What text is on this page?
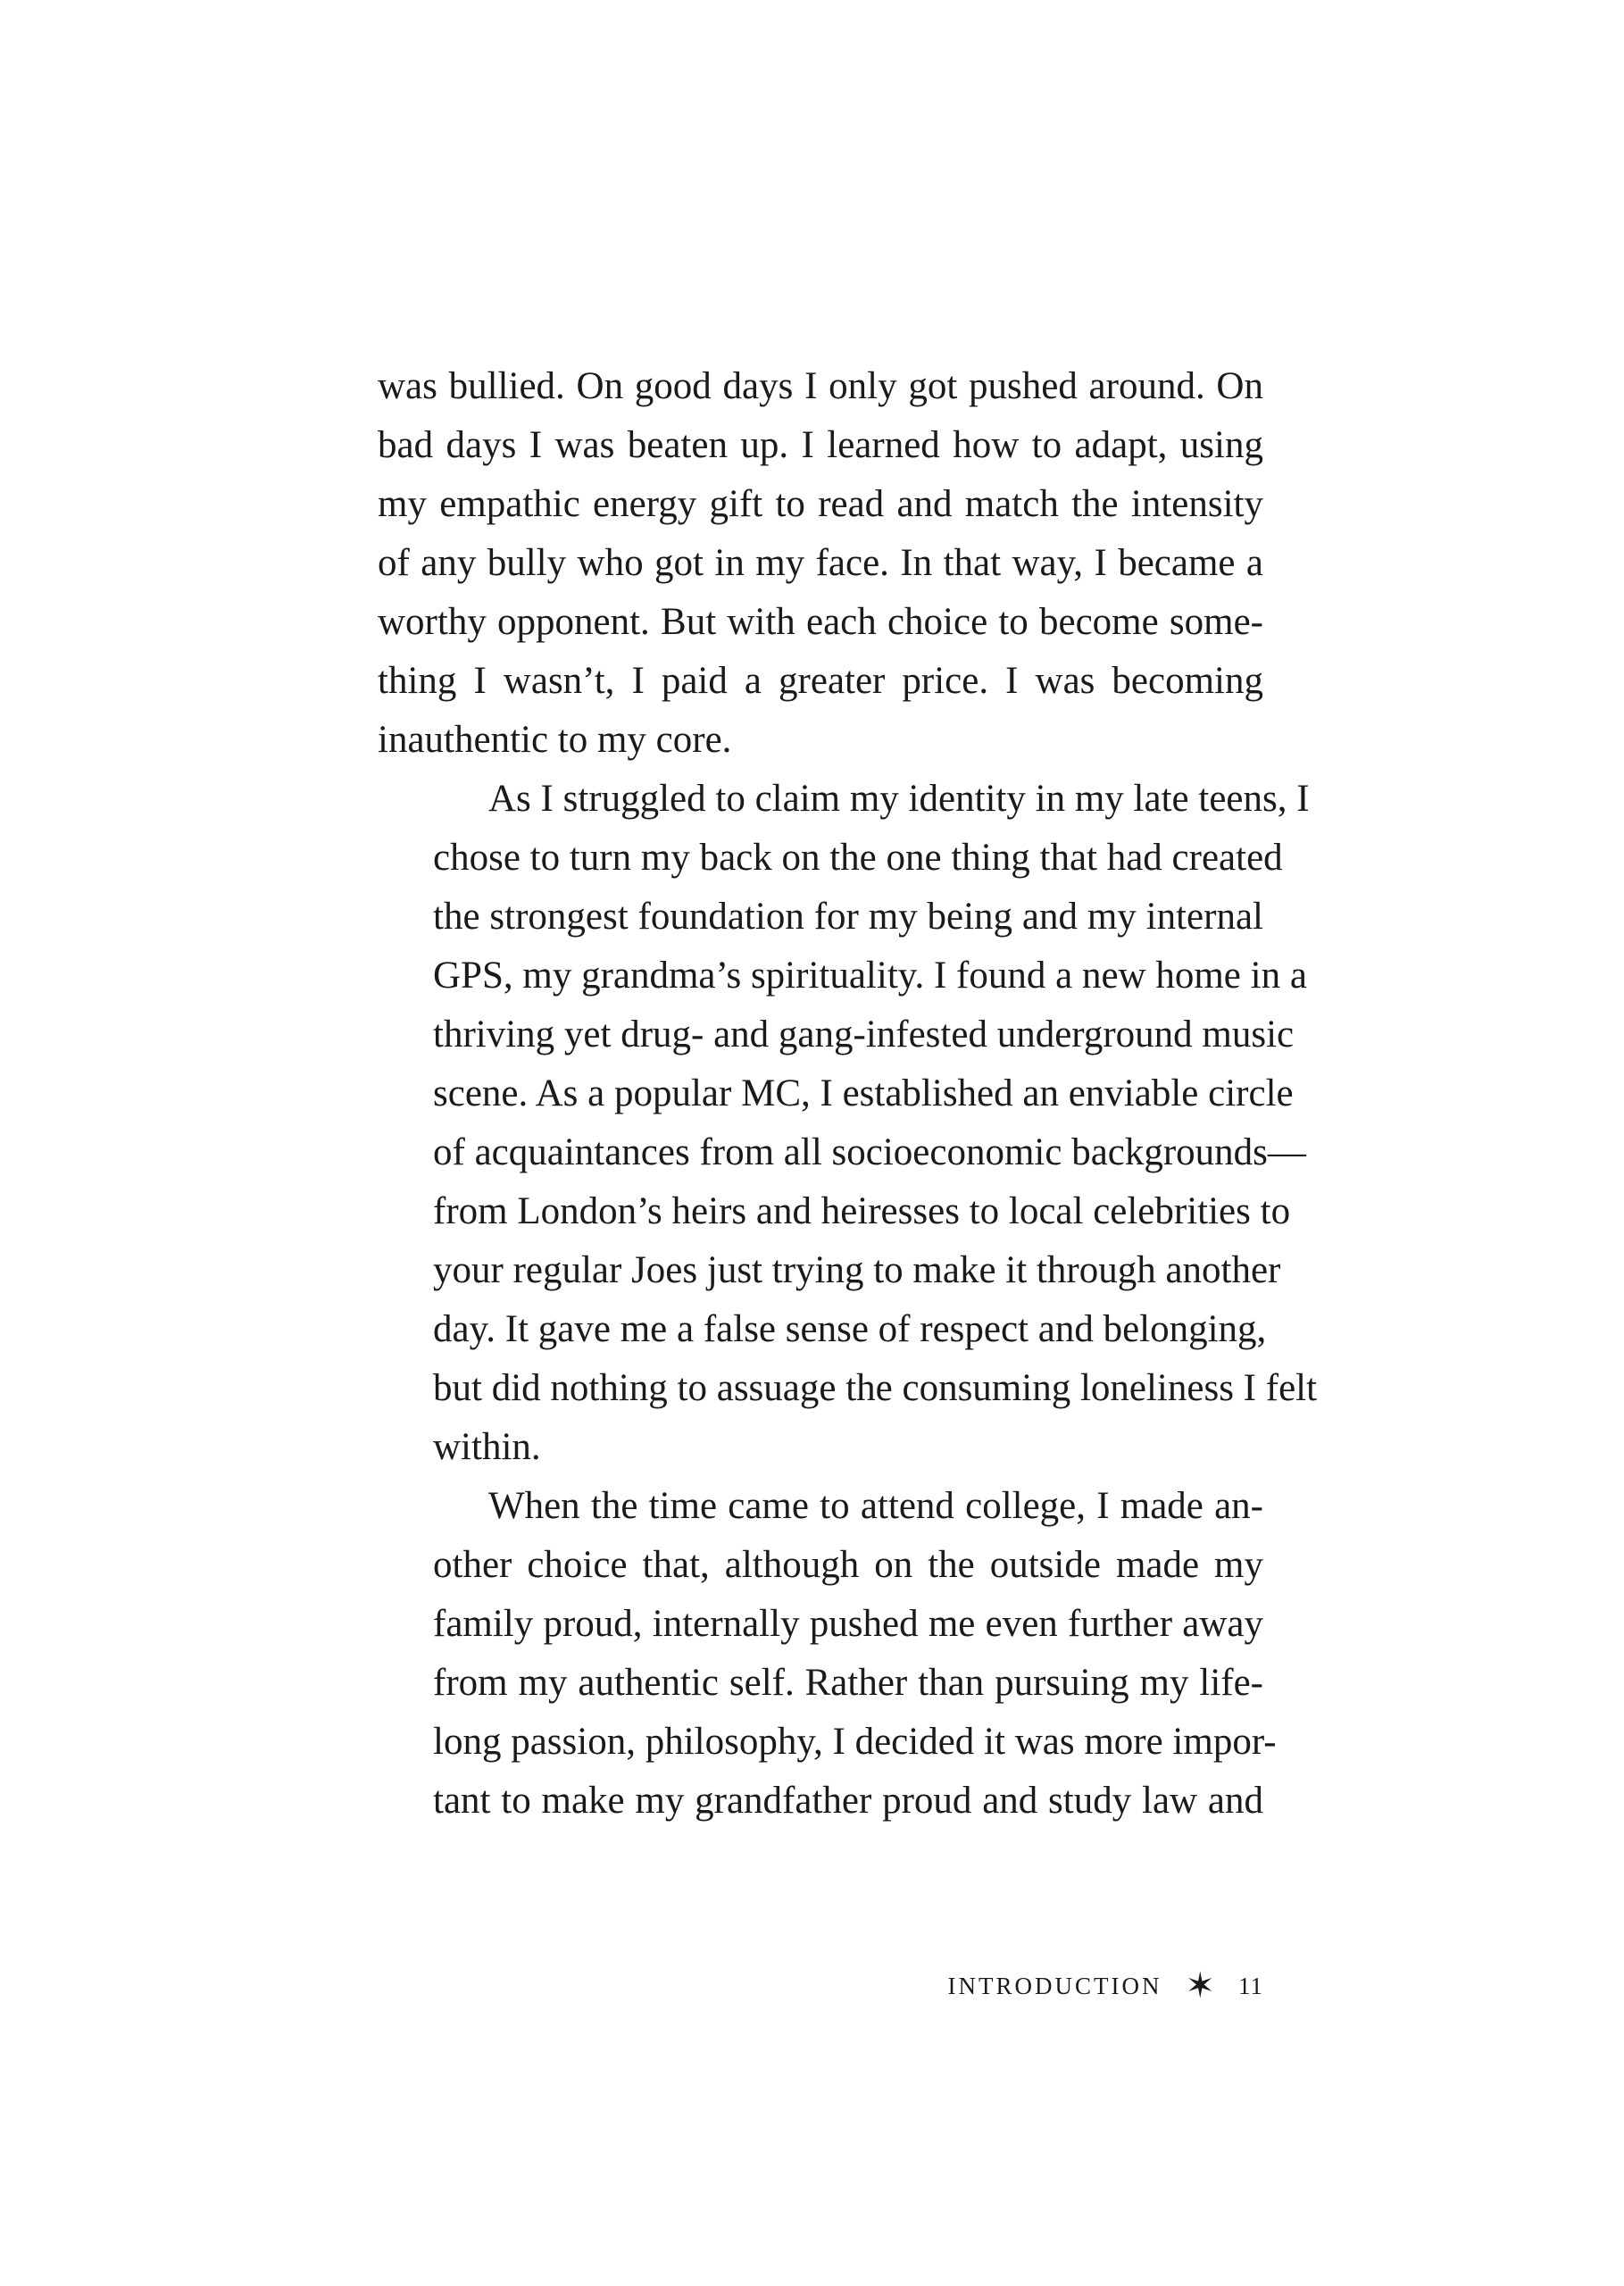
was bullied. On good days I only got pushed around. On
bad days I was beaten up. I learned how to adapt, using
my empathic energy gift to read and match the intensity
of any bully who got in my face. In that way, I became a
worthy opponent. But with each choice to become some-
thing I wasn’t, I paid a greater price. I was becoming
inauthentic to my core.

As I struggled to claim my identity in my late teens, I
chose to turn my back on the one thing that had created
the strongest foundation for my being and my internal
GPS, my grandma’s spirituality. I found a new home in a
thriving yet drug- and gang-infested underground music
scene. As a popular MC, I established an enviable circle
of acquaintances from all socioeconomic backgrounds—
from London’s heirs and heiresses to local celebrities to
your regular Joes just trying to make it through another
day. It gave me a false sense of respect and belonging,
but did nothing to assuage the consuming loneliness I felt
within.

When the time came to attend college, I made an-
other choice that, although on the outside made my
family proud, internally pushed me even further away
from my authentic self. Rather than pursuing my life-
long passion, philosophy, I decided it was more impor-
tant to make my grandfather proud and study law and

INTRODUCTION ✶ 11
